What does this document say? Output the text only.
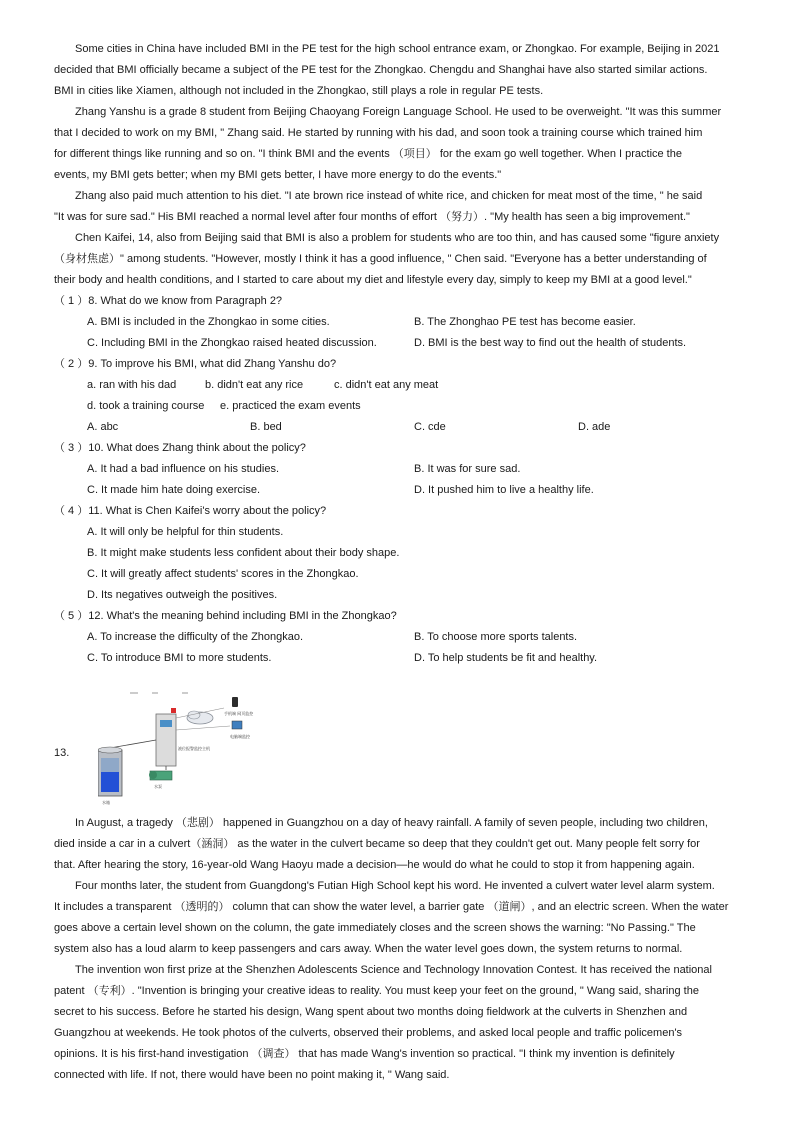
Some cities in China have included BMI in the PE test for the high school entrance exam, or Zhongkao. For example, Beijing in 2021
decided that BMI officially became a subject of the PE test for the Zhongkao. Chengdu and Shanghai have also started similar actions.
BMI in cities like Xiamen, although not included in the Zhongkao, still plays a role in regular PE tests.
Zhang Yanshu is a grade 8 student from Beijing Chaoyang Foreign Language School. He used to be overweight. "It was this summer
that I decided to work on my BMI, " Zhang said. He started by running with his dad, and soon took a training course which trained him
for different things like running and so on. "I think BMI and the events （项目） for the exam go well together. When I practice the
events, my BMI gets better; when my BMI gets better, I have more energy to do the events."
Zhang also paid much attention to his diet. "I ate brown rice instead of white rice, and chicken for meat most of the time, " he said
"It was for sure sad." His BMI reached a normal level after four months of effort （努力）. "My health has seen a big improvement."
Chen Kaifei, 14, also from Beijing said that BMI is also a problem for students who are too thin, and has caused some "figure anxiety
（身材焦虑）" among students. "However, mostly I think it has a good influence, " Chen said. "Everyone has a better understanding of
their body and health conditions, and I started to care about my diet and lifestyle every day, simply to keep my BMI at a good level."
（ 1 ）8. What do we know from Paragraph 2?
A. BMI is included in the Zhongkao in some cities.	B. The Zhonghao PE test has become easier.
C. Including BMI in the Zhongkao raised heated discussion.	D. BMI is the best way to find out the health of students.
（ 2 ）9. To improve his BMI, what did Zhang Yanshu do?
a. ran with his dad	b. didn't eat any rice	c. didn't eat any meat
d. took a training course e. practiced the exam events
A. abc	B. bed	C. cde	D. ade
（ 3 ）10. What does Zhang think about the policy?
A. It had a bad influence on his studies.	B. It was for sure sad.
C. It made him hate doing exercise.	D. It pushed him to live a healthy life.
（ 4 ）11. What is Chen Kaifei's worry about the policy?
A. It will only be helpful for thin students.
B. It might make students less confident about their body shape.
C. It will greatly affect students' scores in the Zhongkao.
D. Its negatives outweigh the positives.
（ 5 ）12. What's the meaning behind including BMI in the Zhongkao?
A. To increase the difficulty of the Zhongkao.	B. To choose more sports talents.
C. To introduce BMI to more students.	D. To help students be fit and healthy.
13.
手机端 网页监控
电脑端监控
液位报警监控主机
水泵
水箱
In August, a tragedy （悲剧） happened in Guangzhou on a day of heavy rainfall. A family of seven people, including two children,
died inside a car in a culvert（涵洞） as the water in the culvert became so deep that they couldn't get out. Many people felt sorry for
that. After hearing the story, 16-year-old Wang Haoyu made a decision—he would do what he could to stop it from happening again.
Four months later, the student from Guangdong's Futian High School kept his word. He invented a culvert water level alarm system.
It includes a transparent （透明的） column that can show the water level, a barrier gate （道闸）, and an electric screen. When the water
goes above a certain level shown on the column, the gate immediately closes and the screen shows the warning: "No Passing." The
system also has a loud alarm to keep passengers and cars away. When the water level goes down, the system returns to normal.
The invention won first prize at the Shenzhen Adolescents Science and Technology Innovation Contest. It has received the national
patent （专利）. "Invention is bringing your creative ideas to reality. You must keep your feet on the ground, " Wang said, sharing the
secret to his success. Before he started his design, Wang spent about two months doing fieldwork at the culverts in Shenzhen and
Guangzhou at weekends. He took photos of the culverts, observed their problems, and asked local people and traffic policemen's
opinions. It is his first-hand investigation （调查） that has made Wang's invention so practical. "I think my invention is definitely
connected with life. If not, there would have been no point making it, " Wang said.
